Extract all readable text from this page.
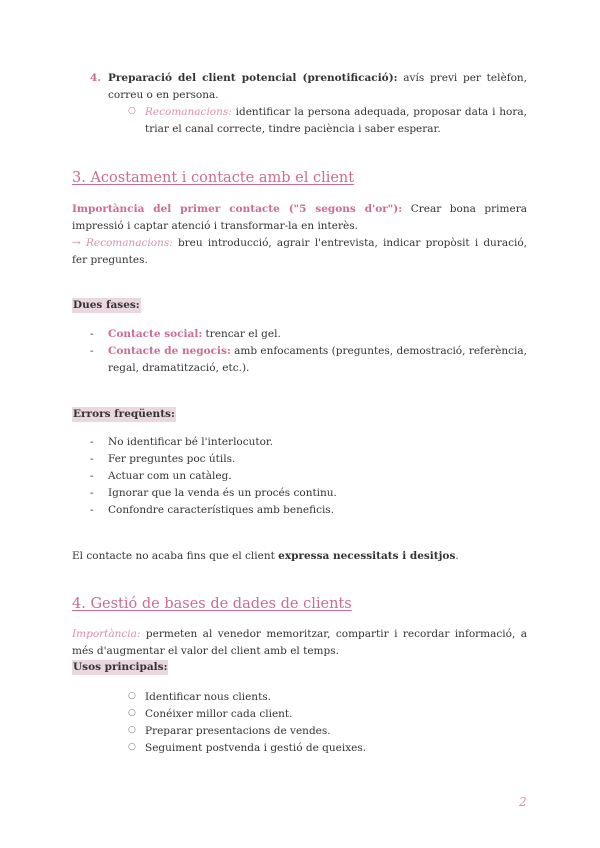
4. Preparació del client potencial (prenotificació): avís previ per telèfon, correu o en persona.
○ Recomanacions: identificar la persona adequada, proposar data i hora, triar el canal correcte, tindre paciència i saber esperar.
3. Acostament i contacte amb el client
Importància del primer contacte ("5 segons d'or"): Crear bona primera impressió i captar atenció i transformar-la en interès.
→ Recomanacions: breu introducció, agrair l'entrevista, indicar propòsit i duració, fer preguntes.
Dues fases:
-	Contacte social: trencar el gel.
-	Contacte de negocis: amb enfocaments (preguntes, demostració, referència, regal, dramatització, etc.).
Errors freqüents:
-	No identificar bé l'interlocutor.
-	Fer preguntes poc útils.
-	Actuar com un catàleg.
-	Ignorar que la venda és un procés continu.
-	Confondre característiques amb beneficis.
El contacte no acaba fins que el client expressa necessitats i desitjos.
4. Gestió de bases de dades de clients
Importància: permeten al venedor memoritzar, compartir i recordar informació, a més d'augmentar el valor del client amb el temps.
Usos principals:
○ Identificar nous clients.
○ Conéixer millor cada client.
○ Preparar presentacions de vendes.
○ Seguiment postvenda i gestió de queixes.
2
